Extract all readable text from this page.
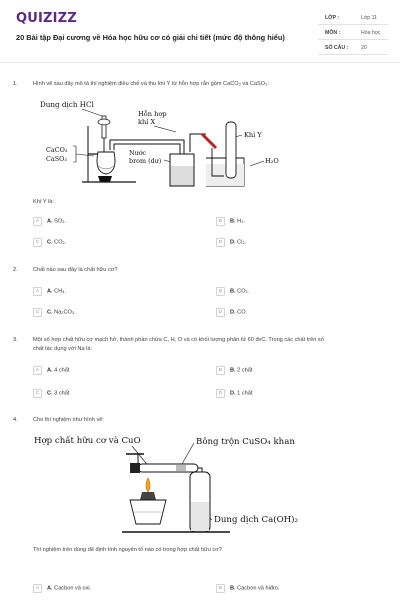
QUIZIZZ
20 Bài tập Đại cương về Hóa học hữu cơ có giải chi tiết (mức độ thông hiểu)
LỚP :	Lớp 11
MÔN :	Hóa học
SỐ CÂU : 20
1.	Hình vẽ sau đây mô tả thí nghiệm điều chế và thu khí Y từ hỗn hợp rắn gồm CaCO₃ và CaSO₃:
Dung dịch HCl
Hỗn hợp
khí X
Khí Y
CaCO₃
CaSO₃
Nước
brom (dư)	H₂O
Khí Y là:
A A. SO₂.	B B. H₂.
C C. CO₂.	D D. Cl₂.
2.	Chất nào sau đây là chất hữu cơ?
A A. CH₄.	B B. CO₂.
C C. Na₂CO₃.	D D. CO.
3.	Một số hợp chất hữu cơ mạch hở, thành phần chứa C, H, O và có khối lượng phân tử 60 đvC. Trong các chất trên số
chất tác dụng với Na là:
A A. 4 chất	B B. 2 chất
C C. 3 chất	D D. 1 chất
4.	Cho thí nghiệm như hình vẽ:
Hợp chất hữu cơ và CuO	Bông trộn CuSO₄ khan
Dung dịch Ca(OH)₂
Thí nghiệm trên dùng để định tính nguyên tố nào có trong hợp chất hữu cơ?
A A. Cacbon và oxi.	B B. Cacbon và hiđro.
